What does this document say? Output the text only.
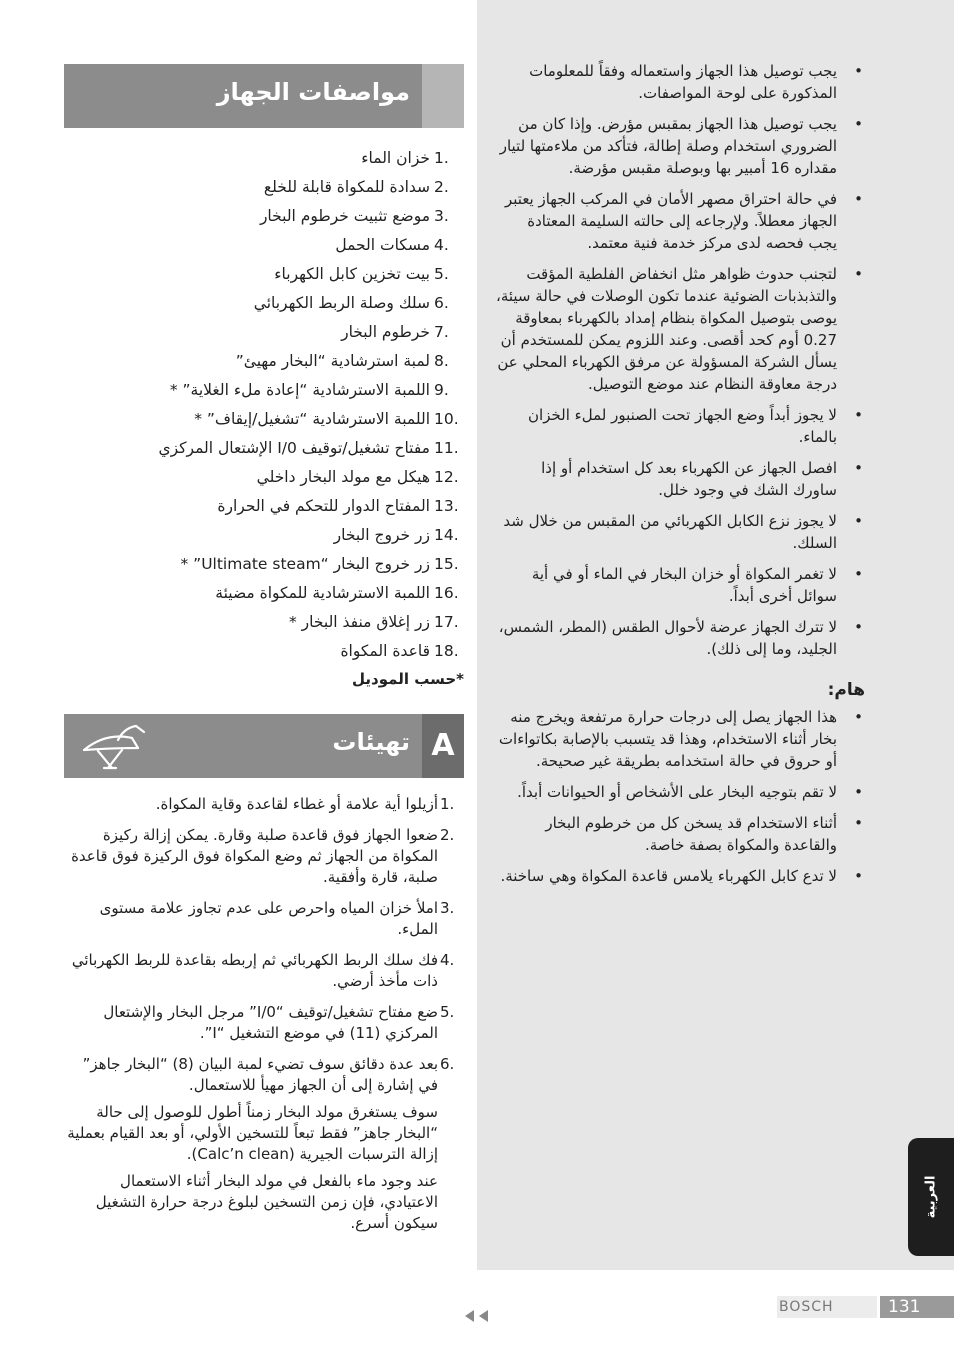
مواصفات الجهاز
.1
خزان الماء
.2
سدادة للمكواة قابلة للخلع
.3
موضع تثبيت خرطوم البخار
.4
مسكات الحمل
.5
بيت تخزين كابل الكهرباء
.6
سلك وصلة الربط الكهربائي
.7
خرطوم البخار
.8
لمبة استرشادية “البخار مهيئ”
.9
اللمبة الاسترشادية “إعادة ملء الغلاية” *
.10
اللمبة الاسترشادية “تشغيل/إيقاف” *
.11
مفتاح تشغيل/توقيف I/0 الإشتعال المركزي
.12
هيكل مع مولد البخار داخلي
.13
المفتاح الدوار للتحكم في الحرارة
.14
زر خروج البخار
.15
زر خروج البخار “Ultimate steam” *
.16
اللمبة الاسترشادية للمكواة مضيئة
.17
زر إغلاق منفذ البخار *
.18
قاعدة المكواة
*حسب الموديل
A
تهيئات
.1
أزيلوا أية علامة أو غطاء لقاعدة وقاية المكواة.
.2
ضعوا الجهاز فوق قاعدة صلبة وقارة. يمكن إزالة ركيزة المكواة من الجهاز ثم وضع المكواة فوق الركيزة فوق قاعدة صلبة، قارة وأفقية.
.3
املأ خزان المياه واحرص على عدم تجاوز علامة مستوى الملء.
.4
فك سلك الربط الكهربائي ثم إربطه بقاعدة للربط الكهربائي ذات مأخذ أرضي.
.5
ضع مفتاح تشغيل/توقيف “I/0” مرجل البخار والإشتعال المركزي (11) في موضع التشغيل “I”.
.6
بعد عدة دقائق سوف تضيء لمبة البيان (8) “البخار جاهز” في إشارة إلى أن الجهاز مهيأ للاستعمال.
سوف يستغرق مولد البخار زمناً أطول للوصول إلى حالة “البخار جاهز” فقط تبعاً للتسخين الأولي، أو بعد القيام بعملية إزالة الترسبات الجيرية (Calc’n clean).
عند وجود ماء بالفعل في مولد البخار أثناء الاستعمال الاعتيادي، فإن زمن التسخين لبلوغ درجة حرارة التشغيل سيكون أسرع.
•
يجب توصيل هذا الجهاز واستعماله وفقاً للمعلومات المذكورة على لوحة المواصفات.
•
يجب توصيل هذا الجهاز بمقبس مؤرض. وإذا كان من الضروري استخدام وصلة إطالة، فتأكد من ملاءمتها لتيار مقداره 16 أمبير بها وبوصلة مقبس مؤرضة.
•
في حالة احتراق مصهر الأمان في المركب الجهاز يعتبر الجهاز معطلاً. ولإرجاعه إلى حالته السليمة المعتادة يجب فحصه لدى مركز خدمة فنية معتمد.
•
لتجنب حدوث ظواهر مثل انخفاض الفلطية المؤقت والتذبذبات الضوئية عندما تكون الوصلات في حالة سيئة، يوصى بتوصيل المكواة بنظام إمداد بالكهرباء بمعاوقة 0.27 أوم كحد أقصى. وعند اللزوم يمكن للمستخدم أن يسأل الشركة المسؤولة عن مرفق الكهرباء المحلي عن درجة معاوقة النظام عند موضع التوصيل.
•
لا يجوز أبداً وضع الجهاز تحت الصنبور لملء الخزان بالماء.
•
افصل الجهاز عن الكهرباء بعد كل استخدام أو إذا ساورك الشك في وجود خلل.
•
لا يجوز نزع الكابل الكهربائي من المقبس من خلال شد السلك.
•
لا تغمر المكواة أو خزان البخار في الماء أو في أية سوائل أخرى أبداً.
•
لا تترك الجهاز عرضة لأحوال الطقس (المطر، الشمس، الجليد، وما إلى ذلك).
هام:
•
هذا الجهاز يصل إلى درجات حرارة مرتفعة ويخرج منه بخار أثناء الاستخدام، وهذا قد يتسبب بالإصابة بكاتواءات أو حروق في حالة استخدامه بطريقة غير صحيحة.
•
لا تقم بتوجيه البخار على الأشخاص أو الحيوانات أبداً.
•
أثناء الاستخدام قد يسخن كل من خرطوم البخار والقاعدة والمكواة بصفة خاصة.
•
لا تدع كابل الكهرباء يلامس قاعدة المكواة وهي ساخنة.
العربية
BOSCH	131
